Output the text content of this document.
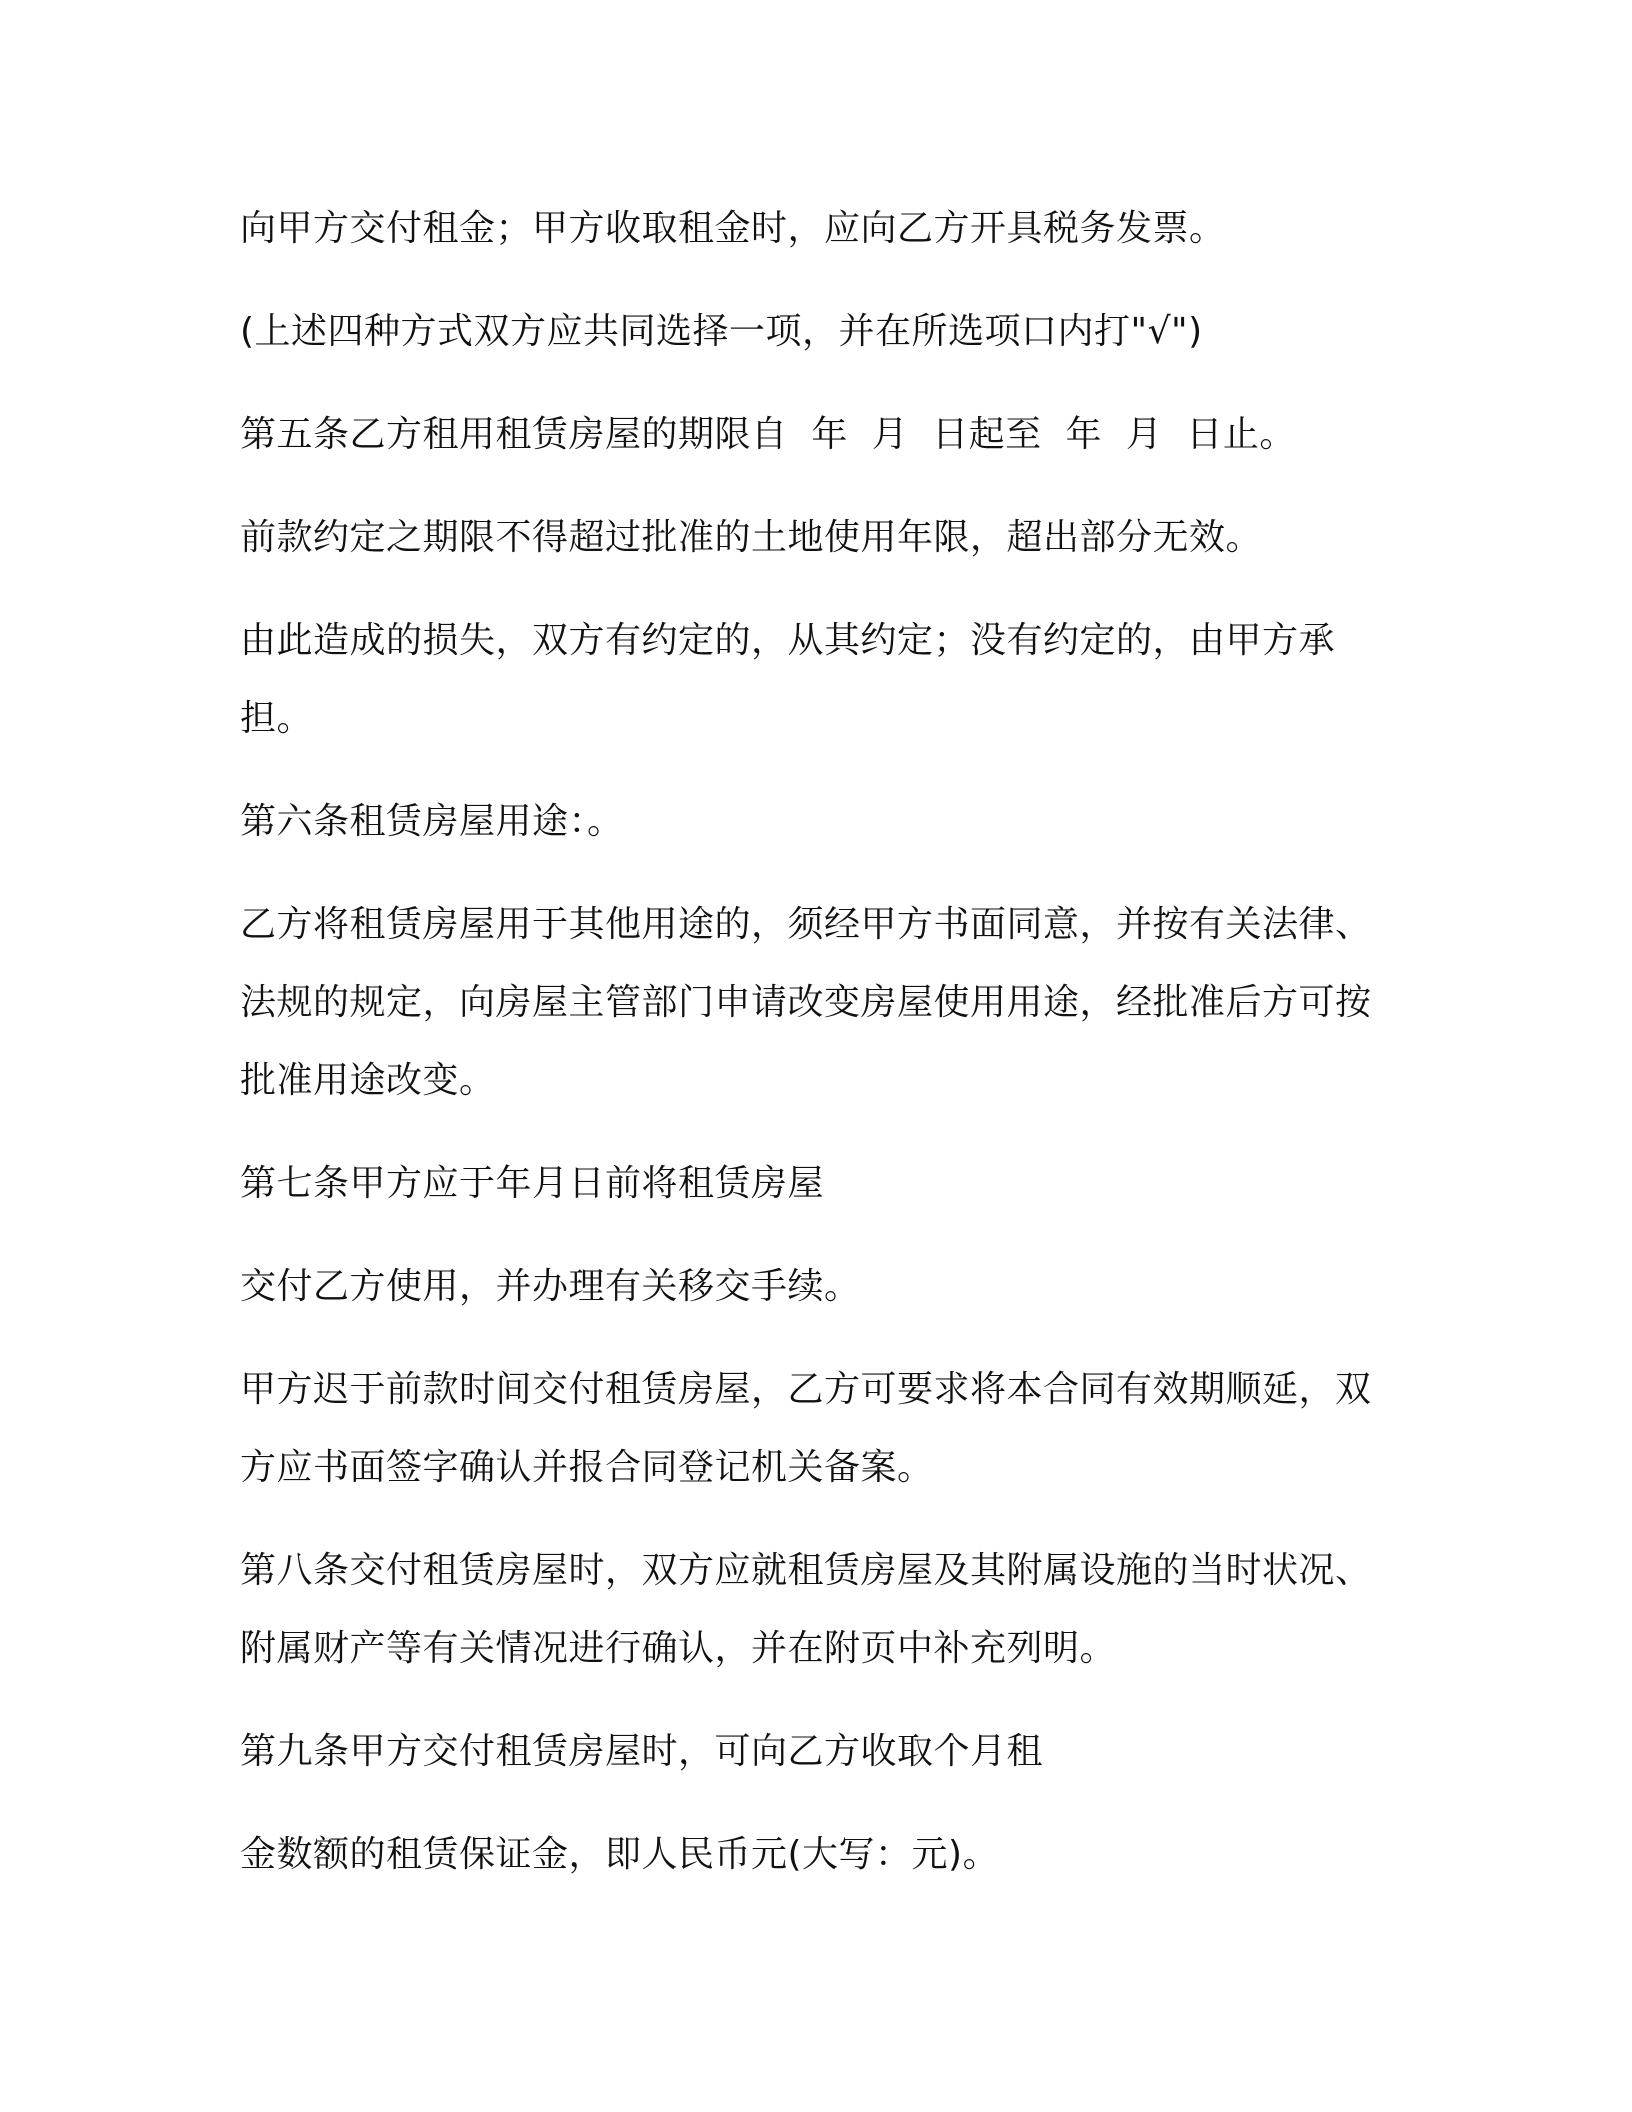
向甲方交付租金；甲方收取租金时，应向乙方开具税务发票。

(上述四种方式双方应共同选择一项，并在所选项口内打"√")

第五条乙方租用租赁房屋的期限自  年  月  日起至  年  月  日止。

前款约定之期限不得超过批准的土地使用年限，超出部分无效。

由此造成的损失，双方有约定的，从其约定；没有约定的，由甲方承担。

第六条租赁房屋用途：。

乙方将租赁房屋用于其他用途的，须经甲方书面同意，并按有关法律、法规的规定，向房屋主管部门申请改变房屋使用用途，经批准后方可按批准用途改变。

第七条甲方应于年月日前将租赁房屋

交付乙方使用，并办理有关移交手续。

甲方迟于前款时间交付租赁房屋，乙方可要求将本合同有效期顺延，双方应书面签字确认并报合同登记机关备案。

第八条交付租赁房屋时，双方应就租赁房屋及其附属设施的当时状况、附属财产等有关情况进行确认，并在附页中补充列明。

第九条甲方交付租赁房屋时，可向乙方收取个月租

金数额的租赁保证金，即人民币元(大写：元)。
